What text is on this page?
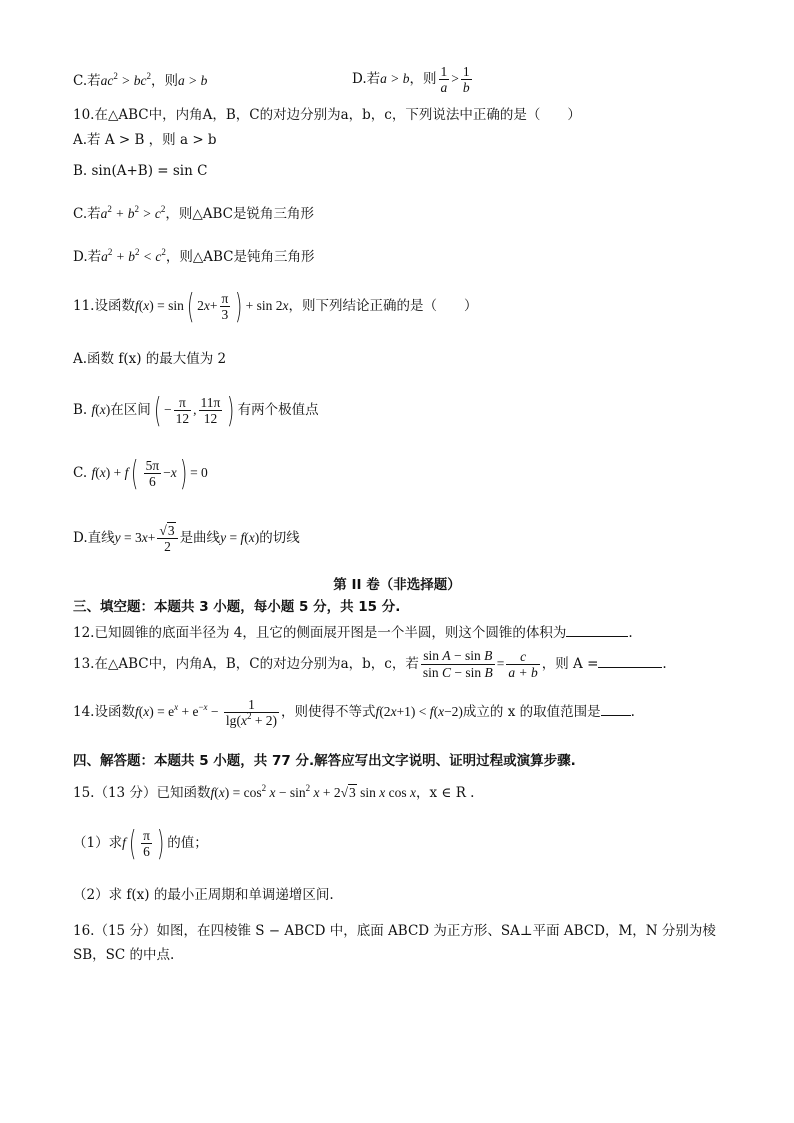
C.若$ac^2 > bc^2$，则a > b	D.若a > b，则 $\frac{1}{a} > \frac{1}{b}$
10.在△ABC中，内角A，B，C的对边分别为a，b，c，下列说法中正确的是（　　）
A.若 A > B ，则 a > b
B. sin(A+B) = sin C
C.若$a^2 + b^2 > c^2$，则△ABC是锐角三角形
D.若$a^2 + b^2 < c^2$，则△ABC是钝角三角形
11.设函数f(x) = sin( $2x+ \frac{\pi}{3}$ ) + sin 2x，则下列结论正确的是（　　）
A.函数 f(x) 的最大值为 2
B. f(x)在区间( − $\frac{\pi}{12}$ , $\frac{11\pi}{12}$ ) 有两个极值点
C. $f(x) + f( \frac{5\pi}{6} -x) = 0$
D.直线$y = 3x+ \frac{√3}{2}$ 是曲线y = f(x)的切线
第 II 卷（非选择题）
三、填空题：本题共 3 小题，每小题 5 分，共 15 分.
12.已知圆锥的底面半径为 4，且它的侧面展开图是一个半圆，则这个圆锥的体积为	.
13.在△ABC中，内角A，B，C的对边分别为a，b，c，若 $\frac{\text{sin A − sin B}}{\text{sin C − sin B}} = \frac{c}{a + b}$ ，则 A =	.
14.设函数$f(x) = e^x + e^{-x} - \frac{1}{\lg(x^2 + 2)}$ ，则使得不等式f(2x+1) < f(x−2)成立的 x 的取值范围是 .
四、解答题：本题共 5 小题，共 77 分.解答应写出文字说明、证明过程或演算步骤.
15.（13 分）已知函数$f(x) = \cos^2 x - \sin^2 x + 2√3$ sin x cos x，x ∈ R .
（1）求$f( \frac{\pi}{6}$ ) 的值；
（2）求 f(x) 的最小正周期和单调递增区间.
16.（15 分）如图，在四棱锥 S − ABCD 中，底面 ABCD 为正方形、SA⊥平面 ABCD，M，N 分别为棱
SB，SC 的中点.
